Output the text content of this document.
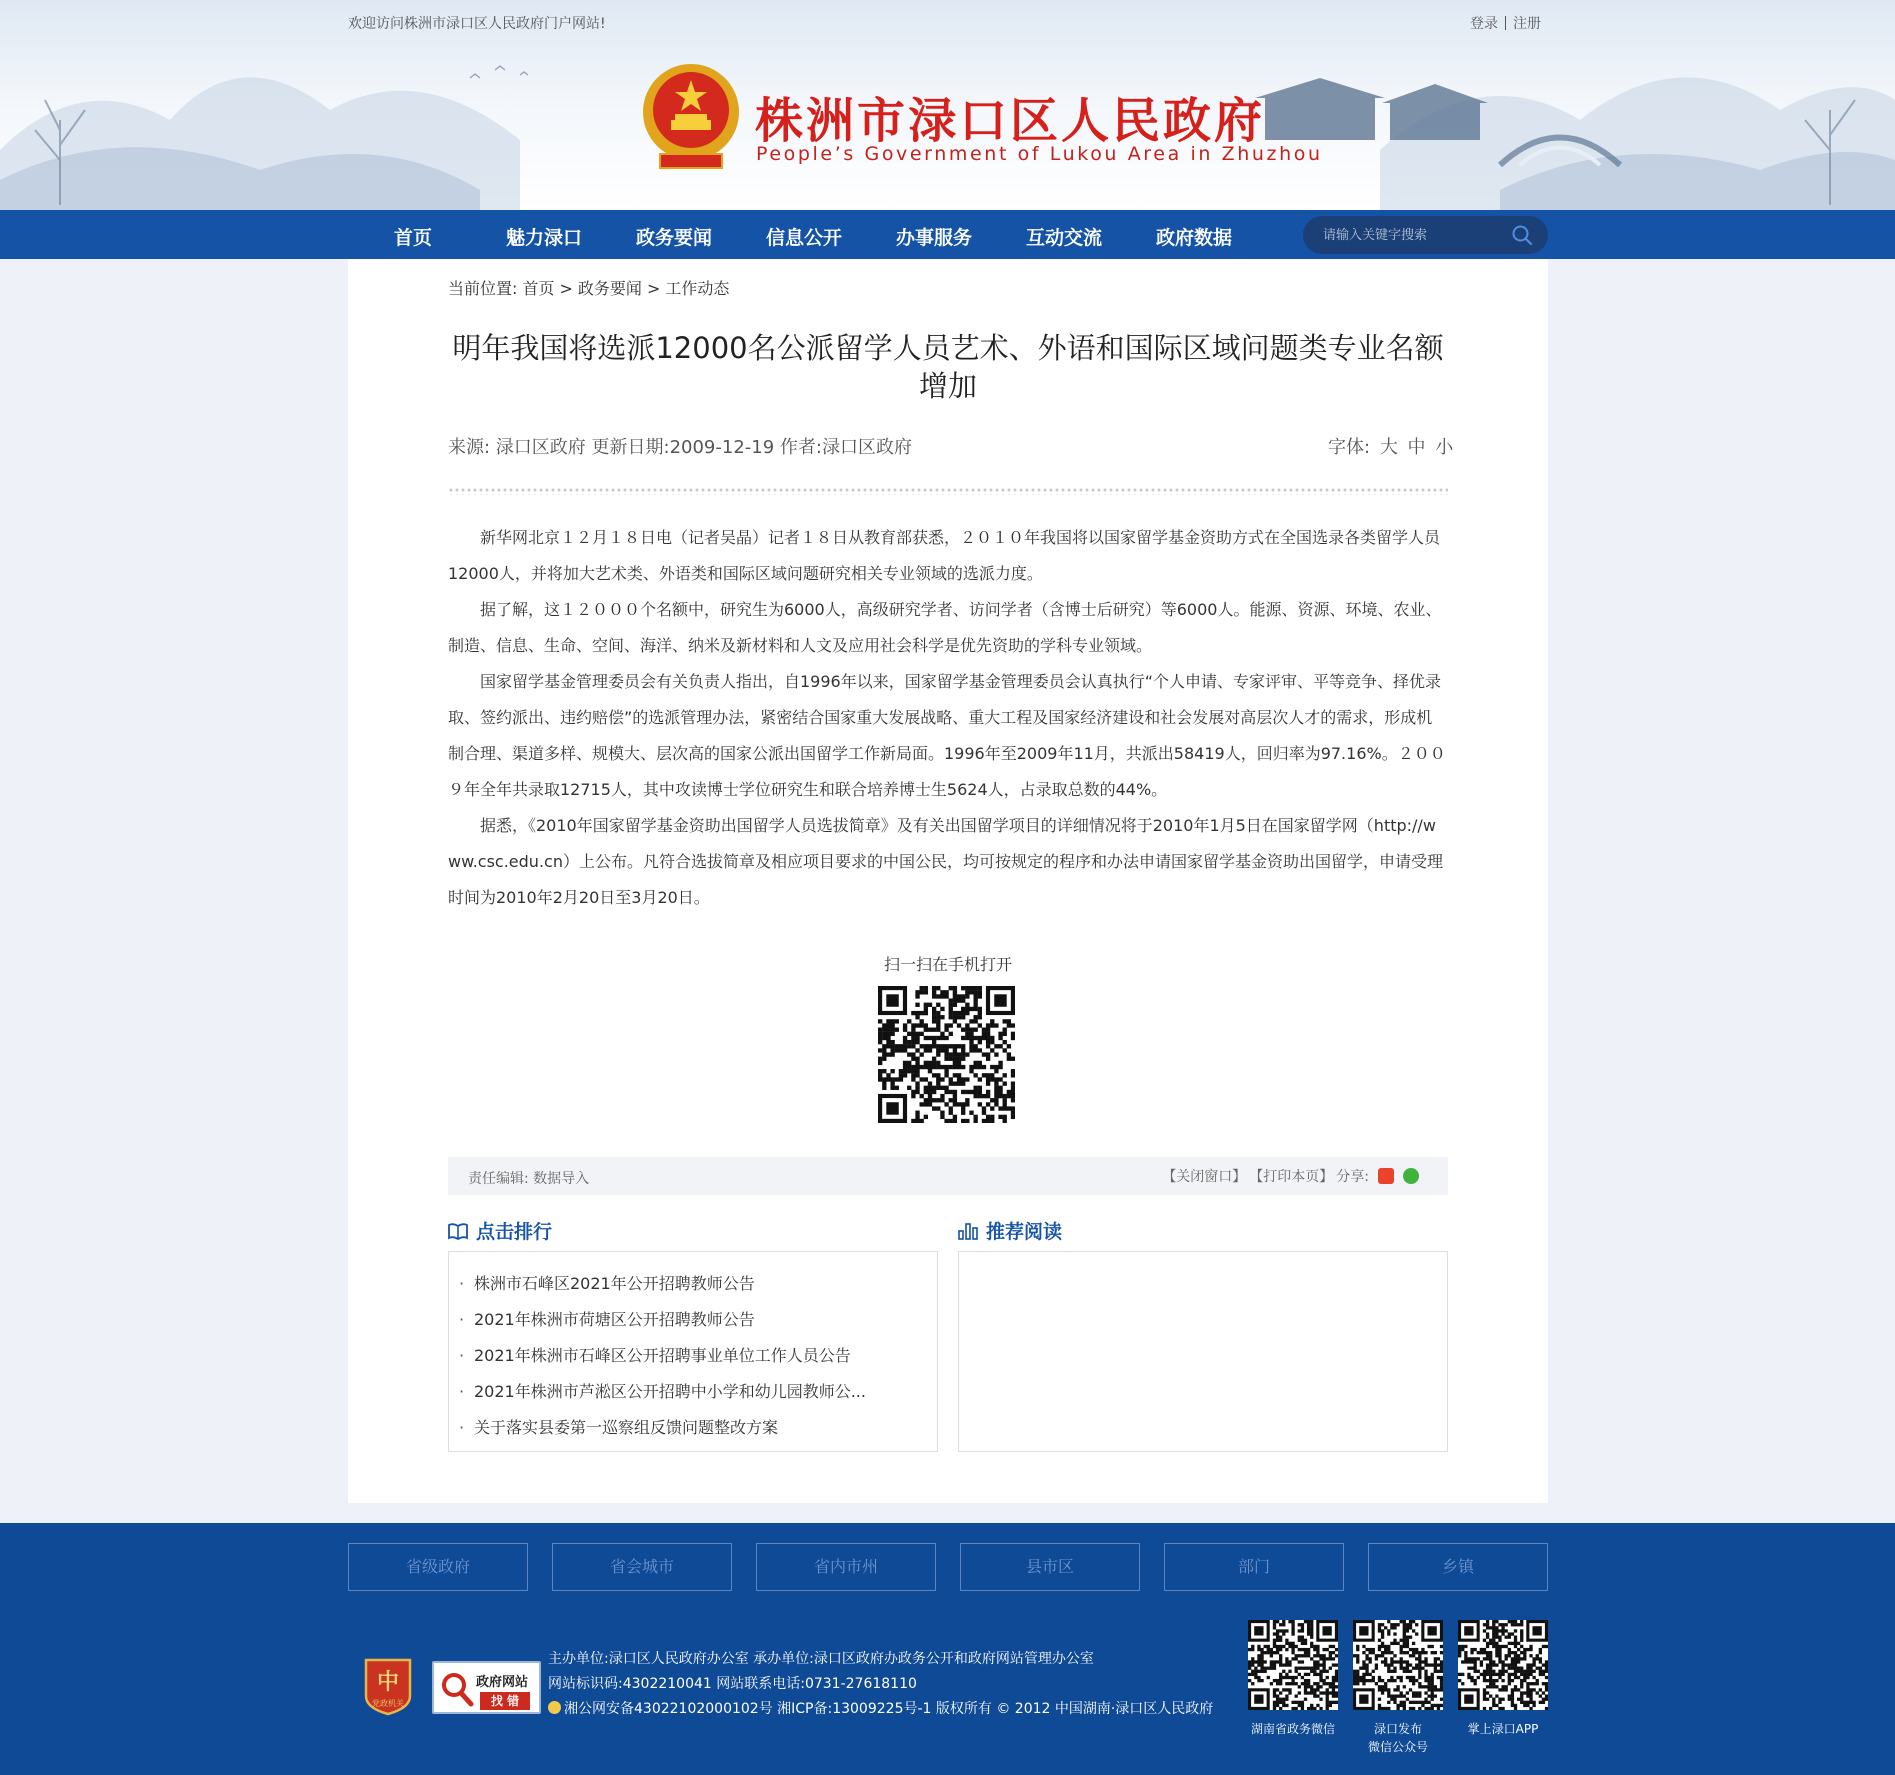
欢迎访问株洲市渌口区人民政府门户网站!	登录 注册
株洲市渌口区人民政府
People’s Government of Lukou Area in Zhuzhou
首页	魅力渌口	政务要闻	信息公开	办事服务	互动交流	政府数据
请输入关键字搜索
当前位置: 首页 > 政务要闻 > 工作动态
明年我国将选派12000名公派留学人员艺术、外语和国际区域问题类专业名额增加
来源: 渌口区政府 更新日期:2009-12-19 作者:渌口区政府	字体: 大 中 小

新华网北京１２月１８日电（记者吴晶）记者１８日从教育部获悉，２０１０年我国将以国家留学基金资助方式在全国选录各类留学人员12000人，并将加大艺术类、外语类和国际区域问题研究相关专业领域的选派力度。

据了解，这１２０００个名额中，研究生为6000人，高级研究学者、访问学者（含博士后研究）等6000人。能源、资源、环境、农业、制造、信息、生命、空间、海洋、纳米及新材料和人文及应用社会科学是优先资助的学科专业领域。

国家留学基金管理委员会有关负责人指出，自1996年以来，国家留学基金管理委员会认真执行“个人申请、专家评审、平等竞争、择优录取、签约派出、违约赔偿”的选派管理办法，紧密结合国家重大发展战略、重大工程及国家经济建设和社会发展对高层次人才的需求，形成机制合理、渠道多样、规模大、层次高的国家公派出国留学工作新局面。1996年至2009年11月，共派出58419人，回归率为97.16%。２００９年全年共录取12715人，其中攻读博士学位研究生和联合培养博士生5624人，占录取总数的44%。

据悉，《2010年国家留学基金资助出国留学人员选拔简章》及有关出国留学项目的详细情况将于2010年1月5日在国家留学网（http://www.csc.edu.cn）上公布。凡符合选拔简章及相应项目要求的中国公民，均可按规定的程序和办法申请国家留学基金资助出国留学，申请受理时间为2010年2月20日至3月20日。

扫一扫在手机打开
责任编辑: 数据导入	【关闭窗口】 【打印本页】 分享:
点击排行	推荐阅读
· 株洲市石峰区2021年公开招聘教师公告
· 2021年株洲市荷塘区公开招聘教师公告
· 2021年株洲市石峰区公开招聘事业单位工作人员公告
· 2021年株洲市芦淞区公开招聘中小学和幼儿园教师公...
· 关于落实县委第一巡察组反馈问题整改方案
省级政府	省会城市	省内市州	县市区	部门	乡镇
中
党政机关
政府网站
找 错
主办单位:渌口区人民政府办公室 承办单位:渌口区政府办政务公开和政府网站管理办公室
网站标识码:4302210041 网站联系电话:0731-27618110
湘公网安备43022102000102号 湘ICP备:13009225号-1 版权所有 © 2012 中国湖南·渌口区人民政府
湖南省政务微信	渌口发布
微信公众号
掌上渌口APP
